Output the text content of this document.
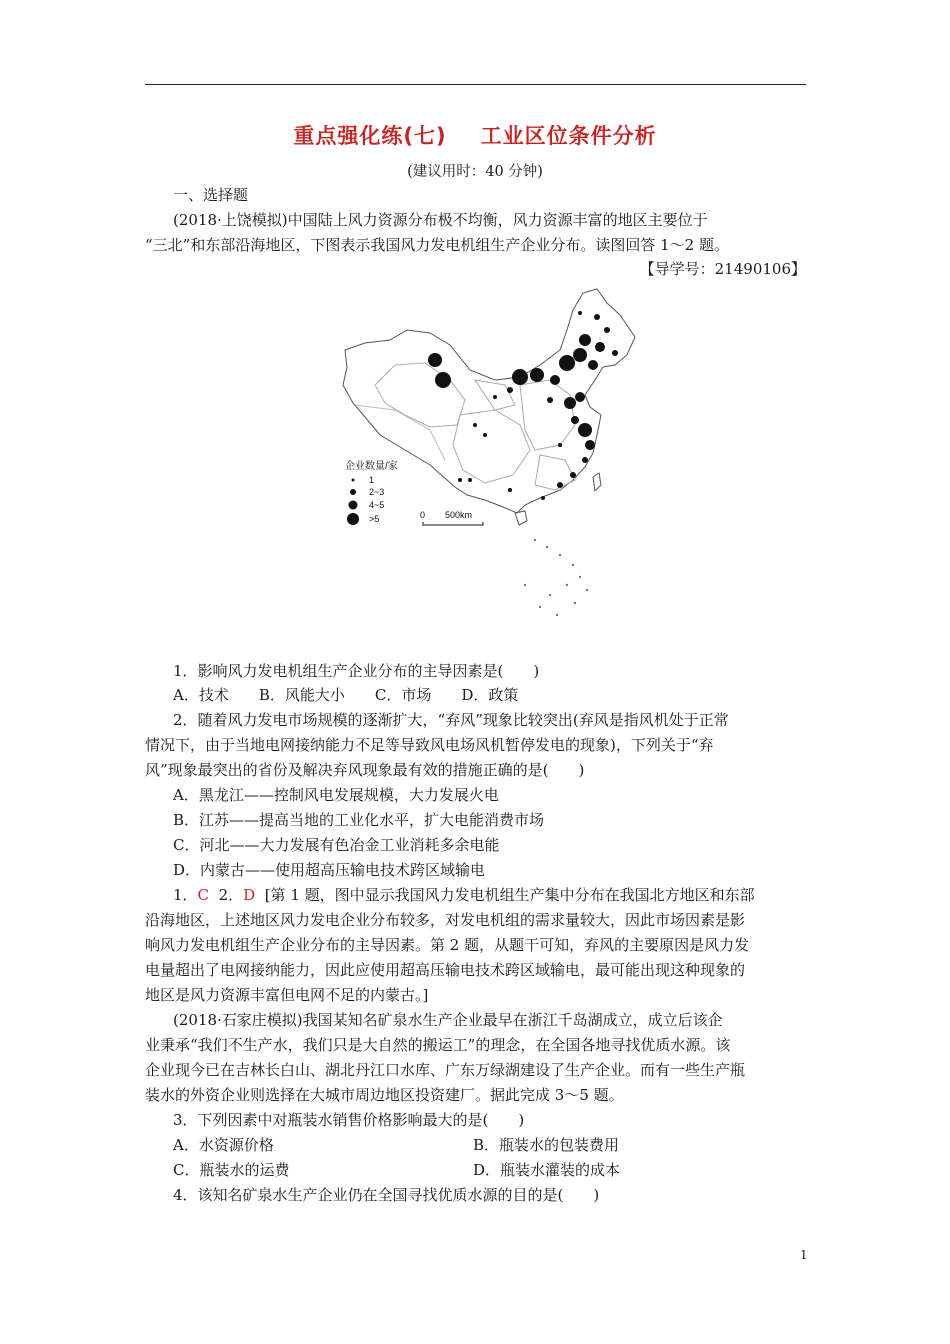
重点强化练(七) 工业区位条件分析
(建议用时：40 分钟)
一、选择题
(2018·上饶模拟)中国陆上风力资源分布极不均衡，风力资源丰富的地区主要位于
“三北”和东部沿海地区，下图表示我国风力发电机组生产企业分布。读图回答 1～2 题。
【导学号：21490106】
企业数量/家
1
2~3
4~5
>5	0 500km
1．影响风力发电机组生产企业分布的主导因素是(　　)
A．技术　　B．风能大小　　C．市场　　D．政策
2．随着风力发电市场规模的逐渐扩大，“弃风”现象比较突出(弃风是指风机处于正常
情况下，由于当地电网接纳能力不足等导致风电场风机暂停发电的现象)，下列关于“弃
风”现象最突出的省份及解决弃风现象最有效的措施正确的是(　　)
A．黑龙江——控制风电发展规模，大力发展火电
B．江苏——提高当地的工业化水平，扩大电能消费市场
C．河北——大力发展有色冶金工业消耗多余电能
D．内蒙古——使用超高压输电技术跨区域输电
1．C 2．D [第 1 题，图中显示我国风力发电机组生产集中分布在我国北方地区和东部
沿海地区，上述地区风力发电企业分布较多，对发电机组的需求量较大，因此市场因素是影
响风力发电机组生产企业分布的主导因素。第 2 题，从题干可知，弃风的主要原因是风力发
电量超出了电网接纳能力，因此应使用超高压输电技术跨区域输电，最可能出现这种现象的
地区是风力资源丰富但电网不足的内蒙古。]
(2018·石家庄模拟)我国某知名矿泉水生产企业最早在浙江千岛湖成立，成立后该企
业秉承“我们不生产水，我们只是大自然的搬运工”的理念，在全国各地寻找优质水源。该
企业现今已在吉林长白山、湖北丹江口水库、广东万绿湖建设了生产企业。而有一些生产瓶
装水的外资企业则选择在大城市周边地区投资建厂。据此完成 3～5 题。
3．下列因素中对瓶装水销售价格影响最大的是(　　)
A．水资源价格	B．瓶装水的包装费用
C．瓶装水的运费	D．瓶装水灌装的成本
4．该知名矿泉水生产企业仍在全国寻找优质水源的目的是(　　)
1
